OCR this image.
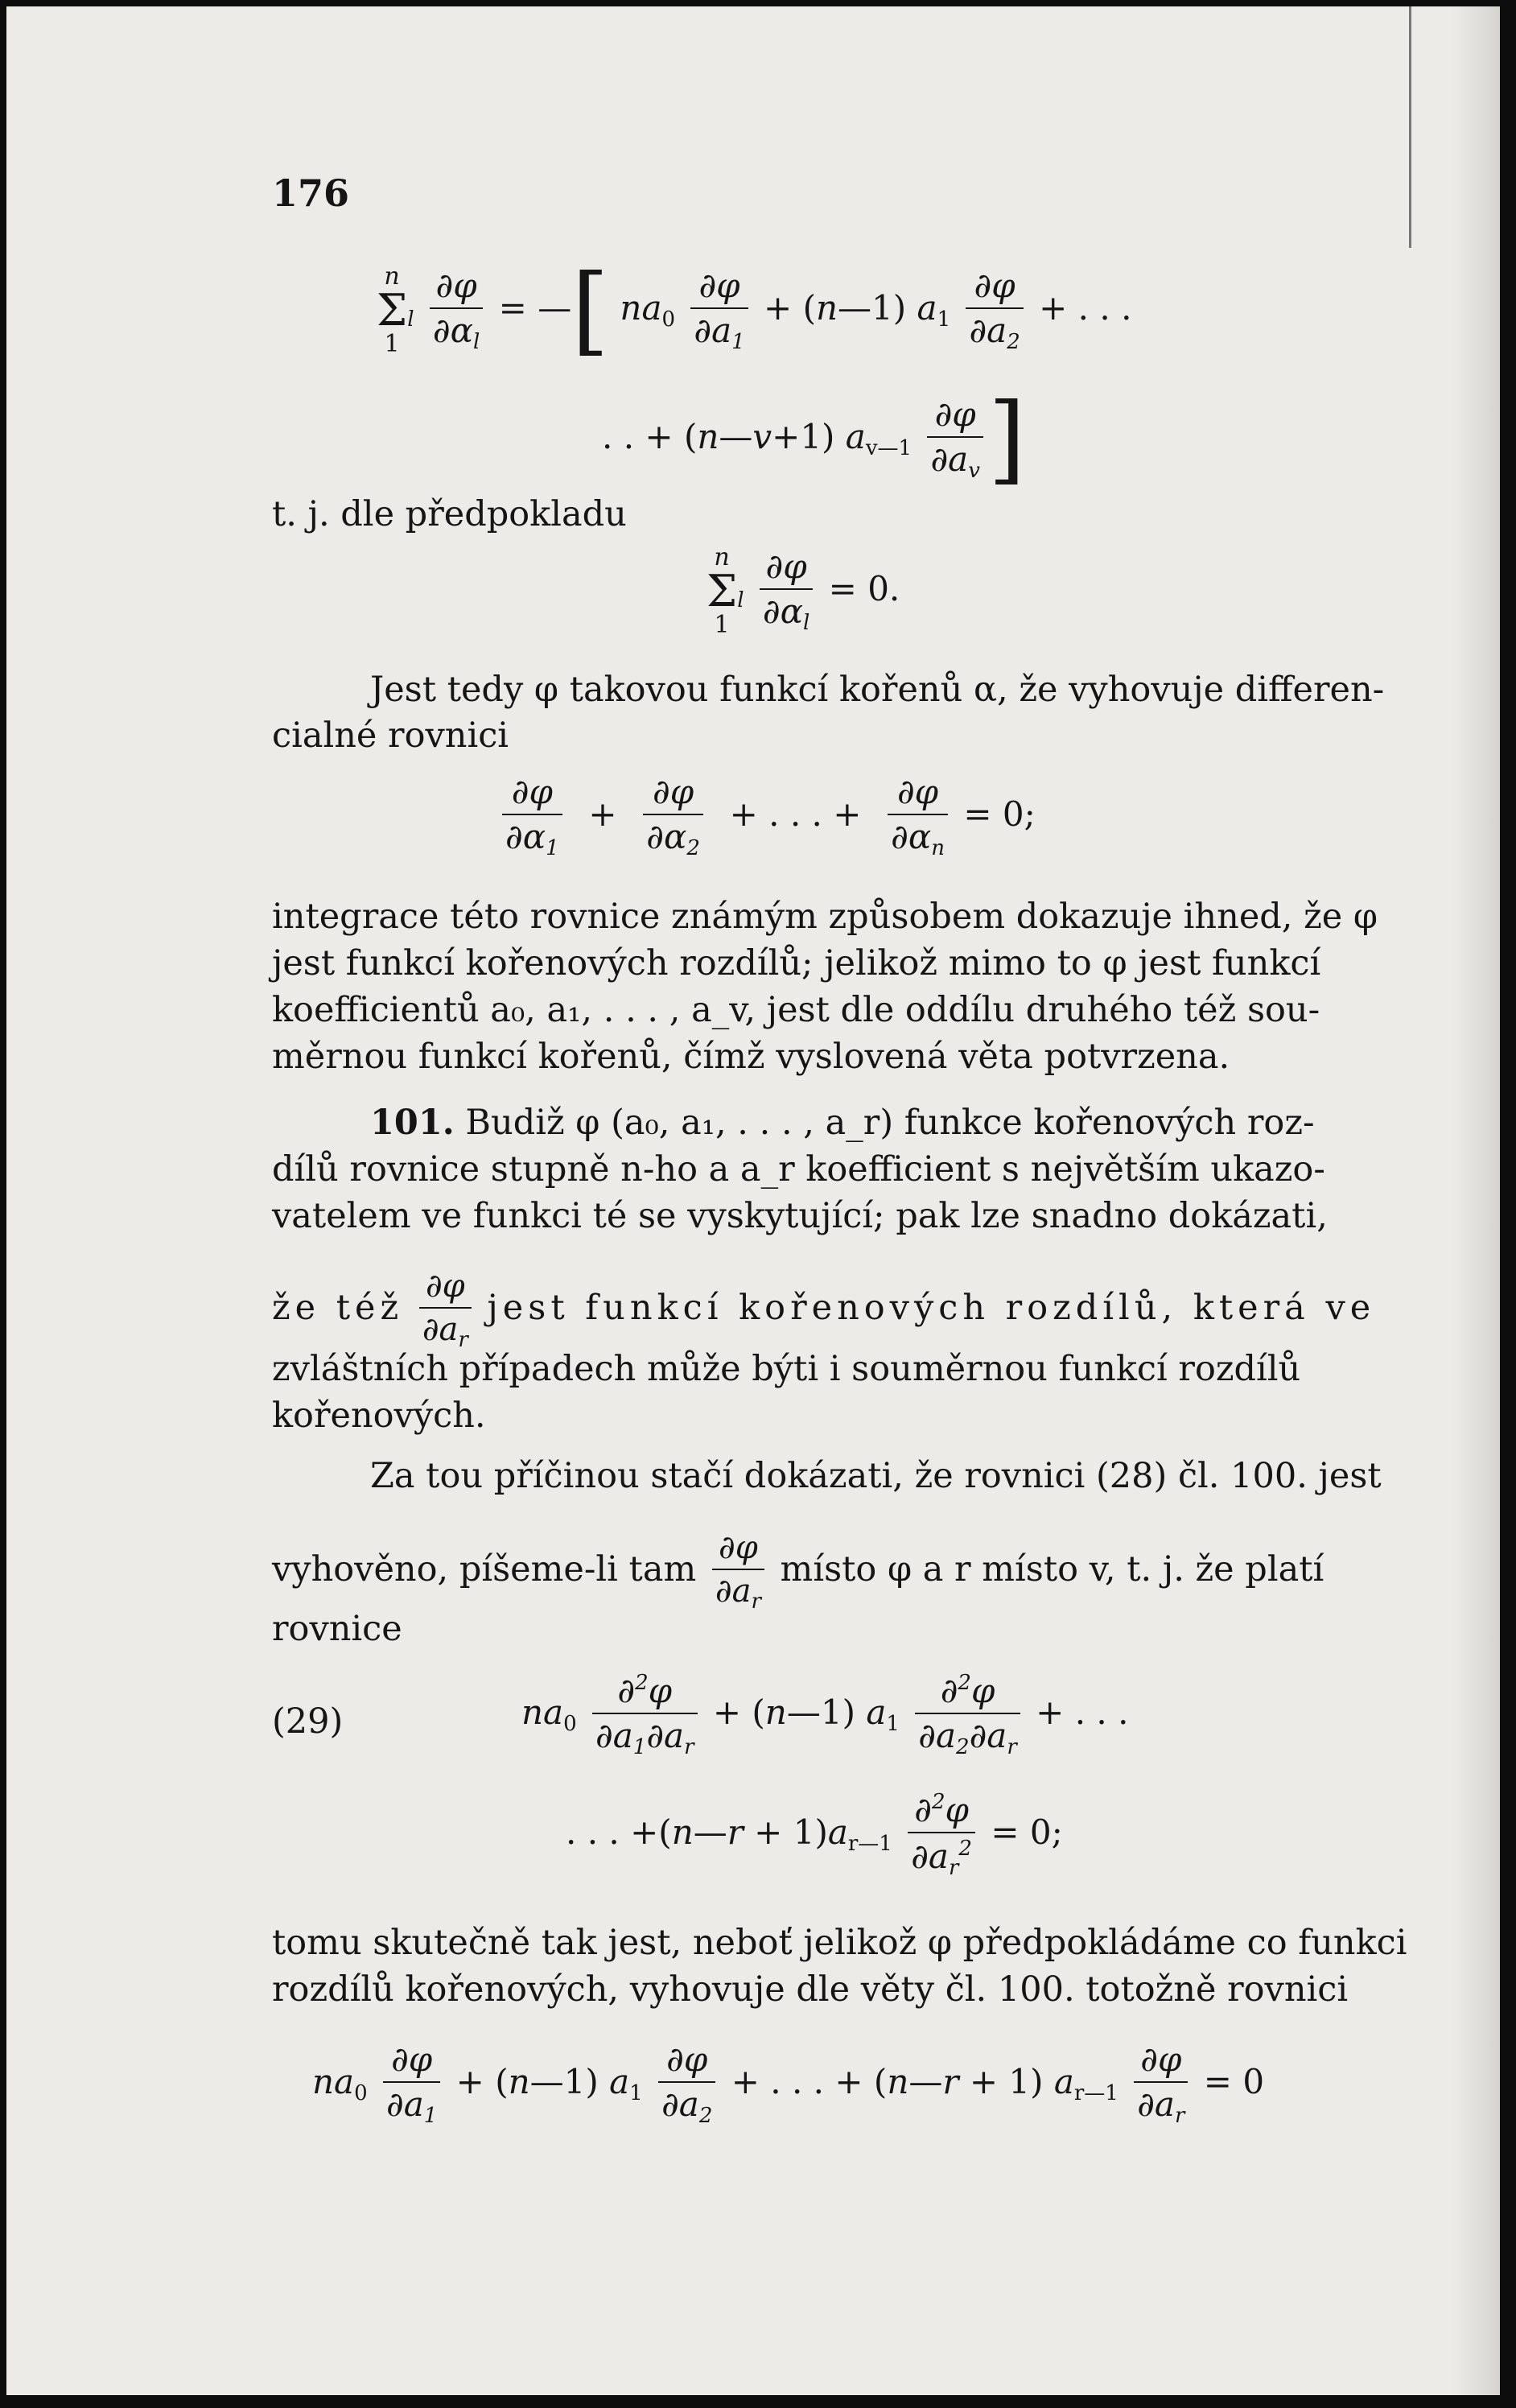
176
n
Σ
$1_l \frac{\partial\varphi}{\partial\alpha_l}$ = —[ $na_0 \frac{\partial\varphi}{\partial a_1}$ + (n—1) $a_1 \frac{\partial\varphi}{\partial a_2}$ + . . .
. . + (n—v+1) $a_{v—1} \frac{\partial\varphi}{\partial a_v}$ ]
t. j. dle předpokladu
n
Σ
$1_l \frac{\partial\varphi}{\partial\alpha_l} = 0$.
Jest tedy φ takovou funkcí kořenů α, že vyhovuje differen-
cialné rovnici
$\frac{\partial\varphi}{\partial\alpha_1} + \frac{\partial\varphi}{\partial\alpha_2}$ + . . . + $\frac{\partial\varphi}{\partial\alpha_n} = 0$;
integrace této rovnice známým způsobem dokazuje ihned, že φ
jest funkcí kořenových rozdílů; jelikož mimo to φ jest funkcí
koefficientů a₀, a₁, . . . , a_v, jest dle oddílu druhého též sou-
měrnou funkcí kořenů, čímž vyslovená věta potvrzena.
101. Budiž φ (a₀, a₁, . . . , a_r) funkce kořenových roz-
dílů rovnice stupně n-ho a a_r koefficient s největším ukazo-
vatelem ve funkci té se vyskytující; pak lze snadno dokázati,
že též $\frac{\partial\varphi}{\partial a_r}$ jest funkcí kořenových rozdílů, která ve
zvláštních případech může býti i souměrnou funkcí rozdílů
kořenových.
Za tou příčinou stačí dokázati, že rovnici (28) čl. 100. jest
vyhověno, píšeme-li tam $\frac{\partial\varphi}{\partial a_r}$ místo φ a r místo v, t. j. že platí
rovnice
(29)	$na_0 \frac{\partial^2\varphi}{\partial a_1\partial a_r}$ + (n—1) $a_1 \frac{\partial^2\varphi}{\partial a_2\partial a_r}$ + . . .
. . . +(n—r + $1)a_{r—1} \frac{\partial^2\varphi}{\partial a_r^2} = 0$;
tomu skutečně tak jest, neboť jelikož φ předpokládáme co funkci
rozdílů kořenových, vyhovuje dle věty čl. 100. totožně rovnici
$na_0 \frac{\partial\varphi}{\partial a_1}$ + (n—1) $a_1 \frac{\partial\varphi}{\partial a_2}$ + . . . + (n—r + 1) $a_{r—1} \frac{\partial\varphi}{\partial a_r} = 0$
